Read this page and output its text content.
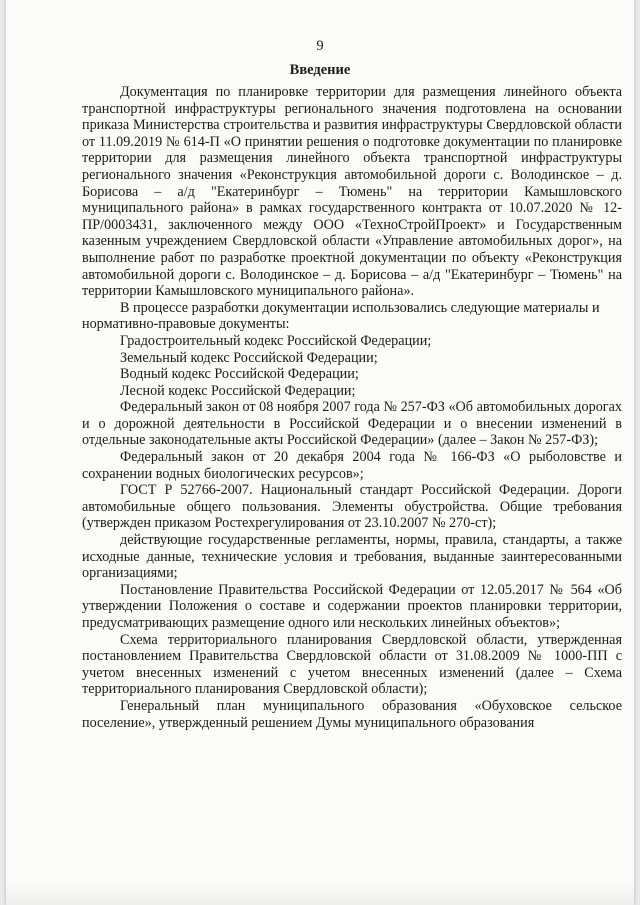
9
Введение

Документация по планировке территории для размещения линейного объекта транспортной инфраструктуры регионального значения подготовлена на основании приказа Министерства строительства и развития инфраструктуры Свердловской области от 11.09.2019 № 614-П «О принятии решения о подготовке документации по планировке территории для размещения линейного объекта транспортной инфраструктуры регионального значения «Реконструкция автомобильной дороги с. Володинское – д. Борисова – а/д "Екатеринбург – Тюмень" на территории Камышловского муниципального района» в рамках государственного контракта от 10.07.2020 № 12-ПР/0003431, заключенного между ООО «ТехноСтройПроект» и Государственным казенным учреждением Свердловской области «Управление автомобильных дорог», на выполнение работ по разработке проектной документации по объекту «Реконструкция автомобильной дороги с. Володинское – д. Борисова – а/д "Екатеринбург – Тюмень" на территории Камышловского муниципального района».

В процессе разработки документации использовались следующие материалы и нормативно-правовые документы:

Градостроительный кодекс Российской Федерации;

Земельный кодекс Российской Федерации;

Водный кодекс Российской Федерации;

Лесной кодекс Российской Федерации;

Федеральный закон от 08 ноября 2007 года № 257-ФЗ «Об автомобильных дорогах и о дорожной деятельности в Российской Федерации и о внесении изменений в отдельные законодательные акты Российской Федерации» (далее – Закон № 257-ФЗ);

Федеральный закон от 20 декабря 2004 года № 166-ФЗ «О рыболовстве и сохранении водных биологических ресурсов»;

ГОСТ Р 52766-2007. Национальный стандарт Российской Федерации. Дороги автомобильные общего пользования. Элементы обустройства. Общие требования (утвержден приказом Ростехрегулирования от 23.10.2007 № 270-ст);

действующие государственные регламенты, нормы, правила, стандарты, а также исходные данные, технические условия и требования, выданные заинтересованными организациями;

Постановление Правительства Российской Федерации от 12.05.2017 № 564 «Об утверждении Положения о составе и содержании проектов планировки территории, предусматривающих размещение одного или нескольких линейных объектов»;

Схема территориального планирования Свердловской области, утвержденная постановлением Правительства Свердловской области от 31.08.2009 № 1000-ПП с учетом внесенных изменений с учетом внесенных изменений (далее – Схема территориального планирования Свердловской области);

Генеральный план муниципального образования «Обуховское сельское поселение», утвержденный решением Думы муниципального образования
